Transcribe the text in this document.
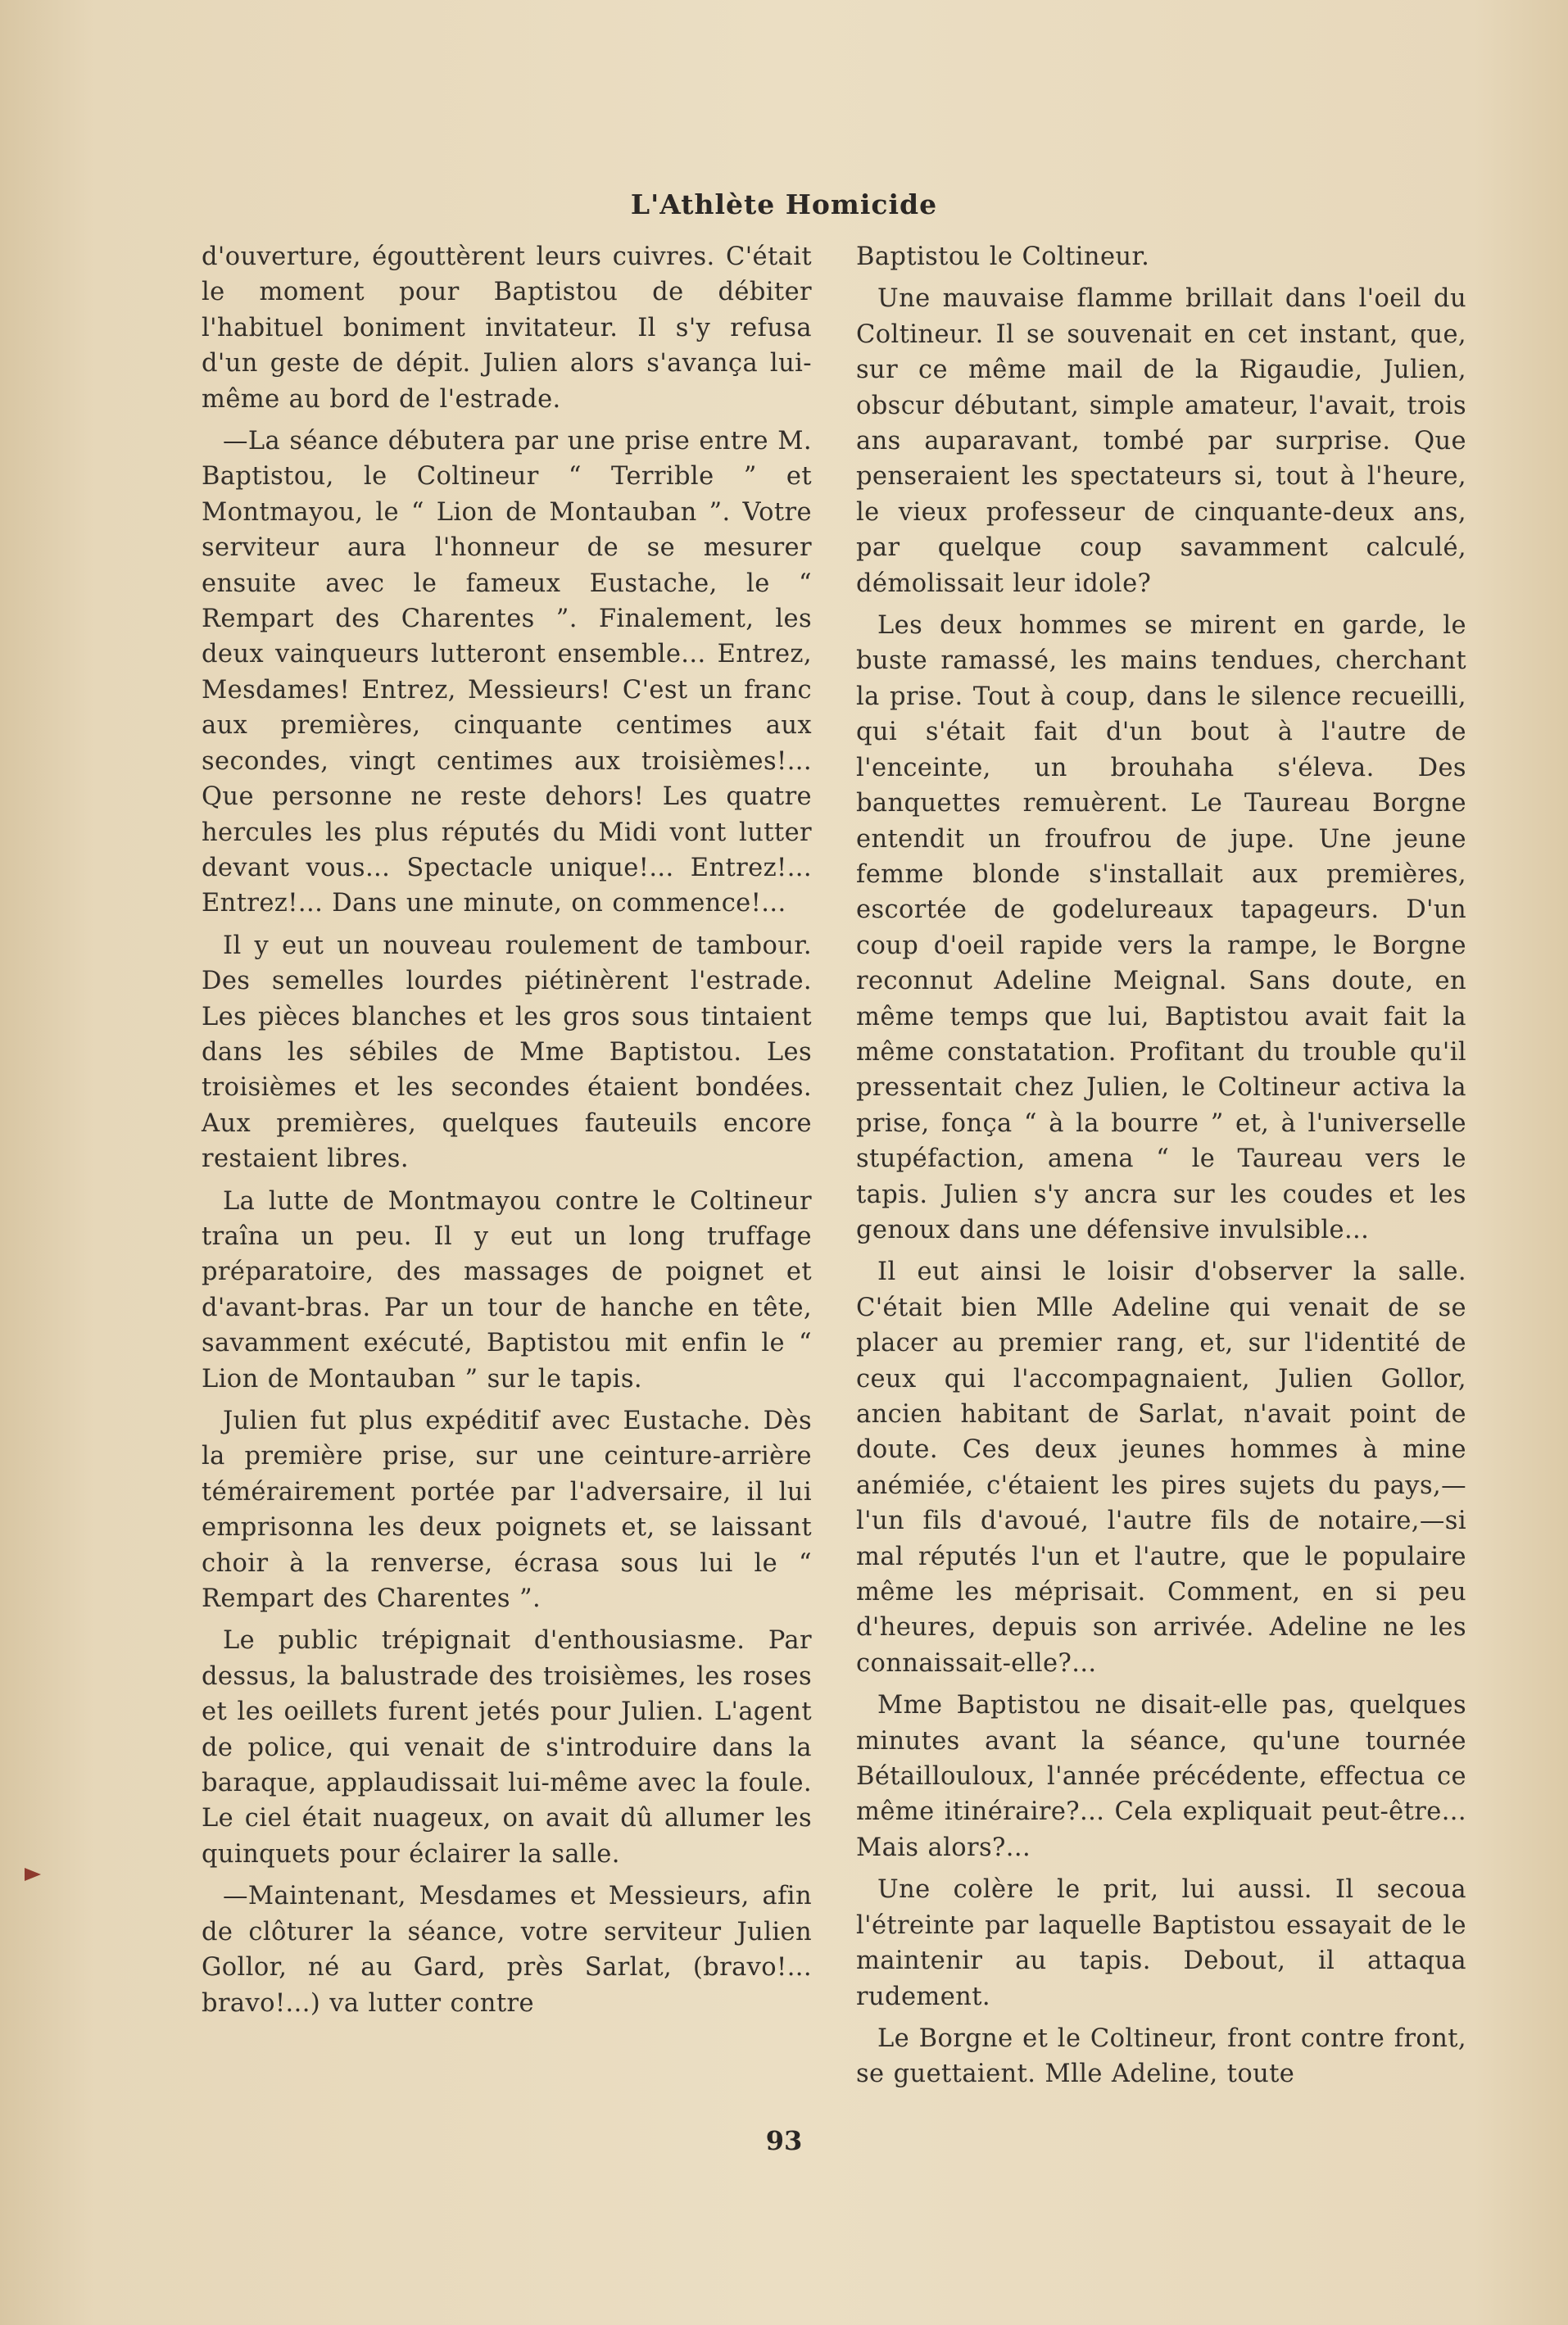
L'Athlète Homicide

d'ouverture, égouttèrent leurs cuivres. C'était le moment pour Baptistou de débiter l'habituel boniment invitateur. Il s'y refusa d'un geste de dépit. Julien alors s'avança lui-même au bord de l'estrade.

—La séance débutera par une prise entre M. Baptistou, le Coltineur “ Terrible ” et Montmayou, le “ Lion de Montauban ”. Votre serviteur aura l'honneur de se mesurer ensuite avec le fameux Eustache, le “ Rempart des Charentes ”. Finalement, les deux vainqueurs lutteront ensemble... Entrez, Mesdames! Entrez, Messieurs! C'est un franc aux premières, cinquante centimes aux secondes, vingt centimes aux troisièmes!... Que personne ne reste dehors! Les quatre hercules les plus réputés du Midi vont lutter devant vous... Spectacle unique!... Entrez!... Entrez!... Dans une minute, on commence!...

Il y eut un nouveau roulement de tambour. Des semelles lourdes piétinèrent l'estrade. Les pièces blanches et les gros sous tintaient dans les sébiles de Mme Baptistou. Les troisièmes et les secondes étaient bondées. Aux premières, quelques fauteuils encore restaient libres.

La lutte de Montmayou contre le Coltineur traîna un peu. Il y eut un long truffage préparatoire, des massages de poignet et d'avant-bras. Par un tour de hanche en tête, savamment exécuté, Baptistou mit enfin le “ Lion de Montauban ” sur le tapis.

Julien fut plus expéditif avec Eustache. Dès la première prise, sur une ceinture-arrière témérairement portée par l'adversaire, il lui emprisonna les deux poignets et, se laissant choir à la renverse, écrasa sous lui le “ Rempart des Charentes ”.

Le public trépignait d'enthousiasme. Par dessus, la balustrade des troisièmes, les roses et les oeillets furent jetés pour Julien. L'agent de police, qui venait de s'introduire dans la baraque, applaudissait lui-même avec la foule. Le ciel était nuageux, on avait dû allumer les quinquets pour éclairer la salle.

—Maintenant, Mesdames et Messieurs, afin de clôturer la séance, votre serviteur Julien Gollor, né au Gard, près Sarlat, (bravo!... bravo!...) va lutter contre

Baptistou le Coltineur.

Une mauvaise flamme brillait dans l'oeil du Coltineur. Il se souvenait en cet instant, que, sur ce même mail de la Rigaudie, Julien, obscur débutant, simple amateur, l'avait, trois ans auparavant, tombé par surprise. Que penseraient les spectateurs si, tout à l'heure, le vieux professeur de cinquante-deux ans, par quelque coup savamment calculé, démolissait leur idole?

Les deux hommes se mirent en garde, le buste ramassé, les mains tendues, cherchant la prise. Tout à coup, dans le silence recueilli, qui s'était fait d'un bout à l'autre de l'enceinte, un brouhaha s'éleva. Des banquettes remuèrent. Le Taureau Borgne entendit un froufrou de jupe. Une jeune femme blonde s'installait aux premières, escortée de godelureaux tapageurs. D'un coup d'oeil rapide vers la rampe, le Borgne reconnut Adeline Meignal. Sans doute, en même temps que lui, Baptistou avait fait la même constatation. Profitant du trouble qu'il pressentait chez Julien, le Coltineur activa la prise, fonça “ à la bourre ” et, à l'universelle stupéfaction, amena “ le Taureau vers le tapis. Julien s'y ancra sur les coudes et les genoux dans une défensive invulsible...

Il eut ainsi le loisir d'observer la salle. C'était bien Mlle Adeline qui venait de se placer au premier rang, et, sur l'identité de ceux qui l'accompagnaient, Julien Gollor, ancien habitant de Sarlat, n'avait point de doute. Ces deux jeunes hommes à mine anémiée, c'étaient les pires sujets du pays,—l'un fils d'avoué, l'autre fils de notaire,—si mal réputés l'un et l'autre, que le populaire même les méprisait. Comment, en si peu d'heures, depuis son arrivée. Adeline ne les connaissait-elle?...

Mme Baptistou ne disait-elle pas, quelques minutes avant la séance, qu'une tournée Bétaillouloux, l'année précédente, effectua ce même itinéraire?... Cela expliquait peut-être... Mais alors?...

Une colère le prit, lui aussi. Il secoua l'étreinte par laquelle Baptistou essayait de le maintenir au tapis. Debout, il attaqua rudement.

Le Borgne et le Coltineur, front contre front, se guettaient. Mlle Adeline, toute

93
